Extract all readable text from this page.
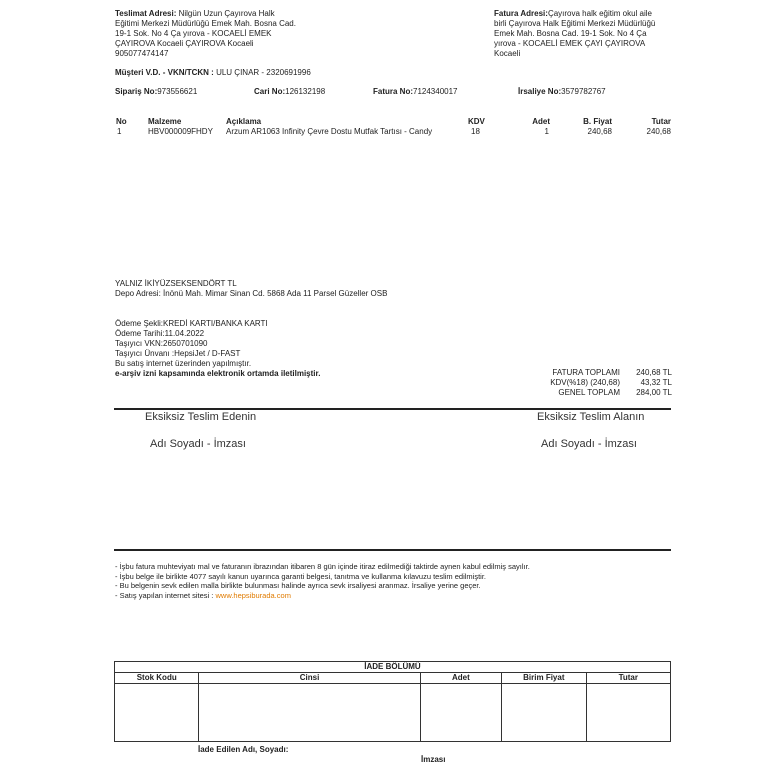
Teslimat Adresi: Nilgün Uzun Çayırova Halk
Eğitimi Merkezi Müdürlüğü Emek Mah. Bosna Cad.
19-1 Sok. No 4 Ça yırova - KOCAELİ EMEK
ÇAYIROVA Kocaeli ÇAYIROVA Kocaeli
905077474147
Fatura Adresi:Çayırova halk eğitim okul aile
birli Çayırova Halk Eğitimi Merkezi Müdürlüğü
Emek Mah. Bosna Cad. 19-1 Sok. No 4 Ça
yırova - KOCAELİ EMEK ÇAYI ÇAYIROVA
Kocaeli
Müşteri V.D. - VKN/TCKN : ULU ÇINAR - 2320691996
Sipariş No: 973556621	Cari No: 126132198	Fatura No: 7124340017	İrsaliye No: 3579782767
No	Malzeme	Açıklama	KDV	Adet	B. Fiyat	Tutar
1	HBV000009FHDY Arzum AR1063 Infinity Çevre Dostu Mutfak Tartısı - Candy	18	1	240,68	240,68
YALNIZ İKİYÜZSEKSENDÖRT TL
Depo Adresi: İnönü Mah. Mimar Sinan Cd. 5868 Ada 11 Parsel Güzeller OSB
Ödeme Şekli:KREDİ KARTI/BANKA KARTI
Ödeme Tarihi:11.04.2022
Taşıyıcı VKN:2650701090
Taşıyıcı Ünvanı :HepsiJet / D-FAST
Bu satış internet üzerinden yapılmıştır.
e-arşiv izni kapsamında elektronik ortamda iletilmiştir.	FATURA TOPLAMI 240,68 TL
KDV(%18) (240,68)	43,32 TL
GENEL TOPLAM 284,00 TL
Eksiksiz Teslim Edenin
Adı Soyadı - İmzası
Eksiksiz Teslim Alanın
Adı Soyadı - İmzası
- İşbu fatura muhteviyatı mal ve faturanın ibrazından itibaren 8 gün içinde itiraz edilmediği taktirde aynen kabul edilmiş sayılır.
- İşbu belge ile birlikte 4077 sayılı kanun uyarınca garanti belgesi, tanıtma ve kullanma kılavuzu teslim edilmiştir.
- Bu belgenin sevk edilen malla birlikte bulunması halinde ayrıca sevk irsaliyesi aranmaz. İrsaliye yerine geçer.
- Satış yapılan internet sitesi : www.hepsiburada.com
İADE BÖLÜMÜ				
Stok Kodu	Cinsi	Adet	Birim Fiyat	Tutar

İade Edilen Adı, Soyadı:
İmzası
